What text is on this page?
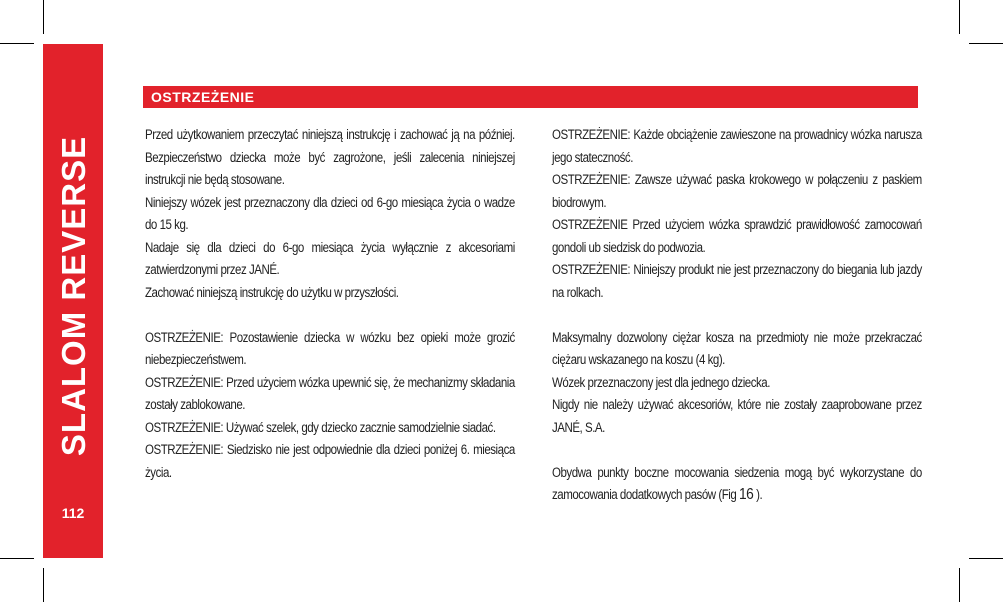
SLALOM REVERSE
112
OSTRZEŻENIE

Przed użytkowaniem przeczytać niniejszą instrukcję i zachować ją na później. Bezpieczeństwo dziecka może być zagrożone, jeśli zalecenia niniejszej instrukcji nie będą stosowane.

Niniejszy wózek jest przeznaczony dla dzieci od 6-go miesiąca życia o wadze do 15 kg.

Nadaje się dla dzieci do 6-go miesiąca życia wyłącznie z akcesoriami zatwierdzonymi przez JANÉ.

Zachować niniejszą instrukcję do użytku w przyszłości.

OSTRZEŻENIE: Pozostawienie dziecka w wózku bez opieki może grozić niebezpieczeństwem.

OSTRZEŻENIE: Przed użyciem wózka upewnić się, że mechanizmy składania zostały zablokowane.

OSTRZEŻENIE: Używać szelek, gdy dziecko zacznie samodzielnie siadać.

OSTRZEŻENIE: Siedzisko nie jest odpowiednie dla dzieci poniżej 6. miesiąca życia.

OSTRZEŻENIE: Każde obciążenie zawieszone na prowadnicy wózka narusza jego stateczność.

OSTRZEŻENIE: Zawsze używać paska krokowego w połączeniu z paskiem biodrowym.

OSTRZEŻENIE Przed użyciem wózka sprawdzić prawidłowość zamocowań gondoli ub siedzisk do podwozia.

OSTRZEŻENIE: Niniejszy produkt nie jest przeznaczony do biegania lub jazdy na rolkach.

Maksymalny dozwolony ciężar kosza na przedmioty nie może przekraczać ciężaru wskazanego na koszu (4 kg).

Wózek przeznaczony jest dla jednego dziecka.

Nigdy nie należy używać akcesoriów, które nie zostały zaaprobowane przez JANÉ, S.A.

Obydwa punkty boczne mocowania siedzenia mogą być wykorzystane do zamocowania dodatkowych pasów (Fig 16 ).
